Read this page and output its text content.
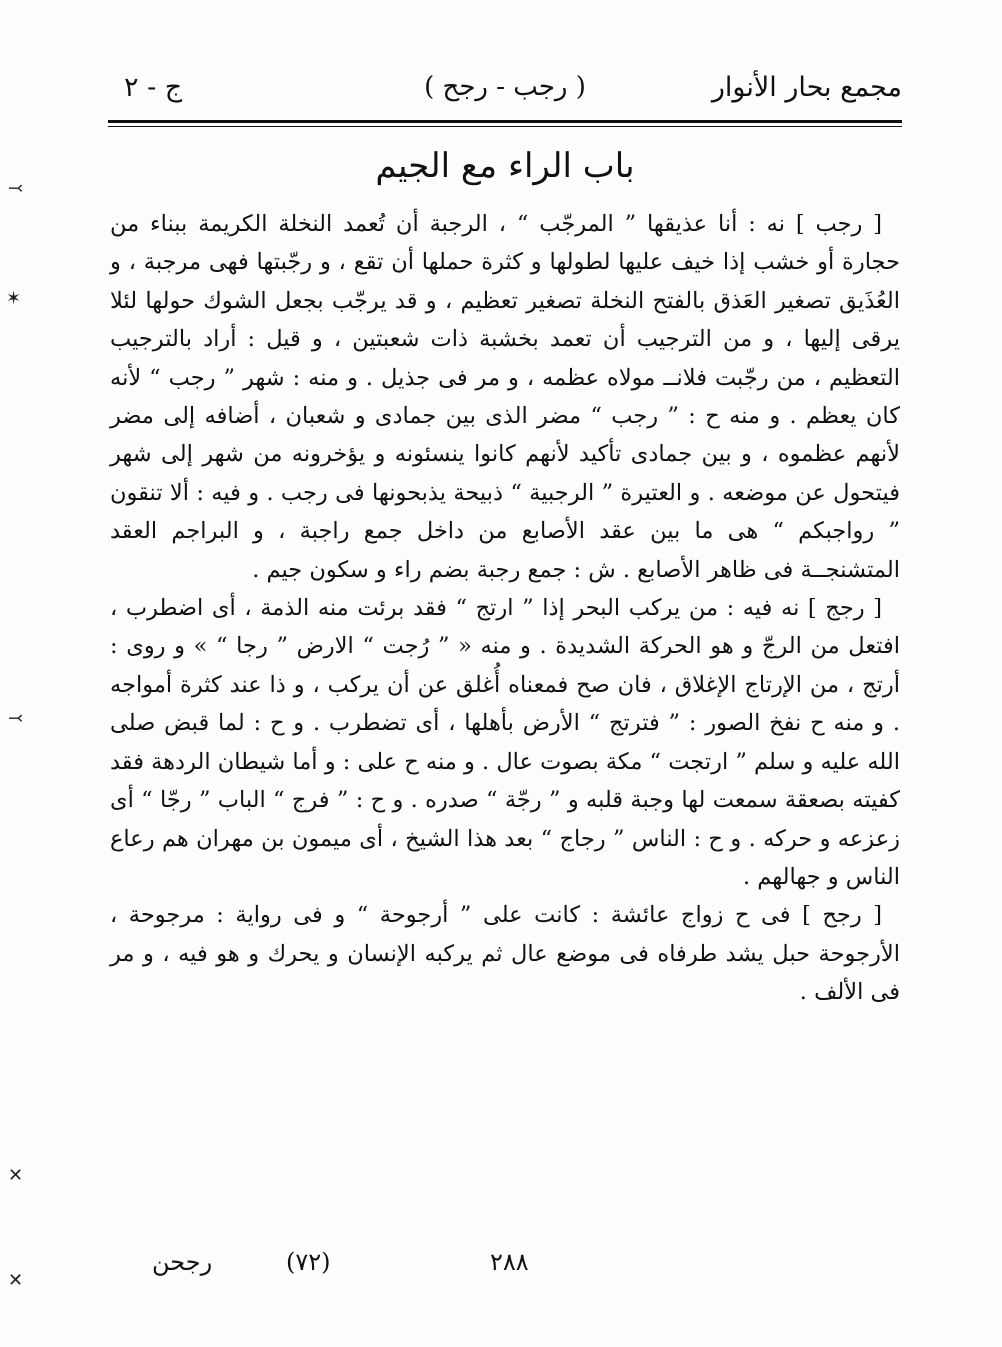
مجمع بحار الأنوار
( رجب - رجح )
ج - ٢
باب الراء مع الجيم

[ رجب ] نه : أنا عذيقها ” المرجّب “ ، الرجبة أن تُعمد النخلة الكريمة ببناء من حجارة أو خشب إذا خيف عليها لطولها و كثرة حملها أن تقع ، و رجّبتها فهى مرجبة ، و العُذَيق تصغير العَذق بالفتح النخلة تصغير تعظيم ، و قد يرجّب بجعل الشوك حولها لئلا يرقى إليها ، و من الترجيب أن تعمد بخشبة ذات شعبتين ، و قيل : أراد بالترجيب التعظيم ، من رجّبت فلانــ مولاه عظمه ، و مر فى جذيل . و منه : شهر ” رجب “ لأنه كان يعظم . و منه ح : ” رجب “ مضر الذى بين جمادى و شعبان ، أضافه إلى مضر لأنهم عظموه ، و بين جمادى تأكيد لأنهم كانوا ينسئونه و يؤخرونه من شهر إلى شهر فيتحول عن موضعه . و العتيرة ” الرجبية “ ذبيحة يذبحونها فى رجب . و فيه : ألا تنقون ” رواجبكم “ هى ما بين عقد الأصابع من داخل جمع راجبة ، و البراجم العقد المتشنجــة فى ظاهر الأصابع . ش : جمع رجبة بضم راء و سكون جيم .

[ رجج ] نه فيه : من يركب البحر إذا ” ارتج “ فقد برئت منه الذمة ، أى اضطرب ، افتعل من الرجّ و هو الحركة الشديدة . و منه « ” رُجت “ الارض ” رجا “ » و روى : أرتج ، من الإرتاج الإغلاق ، فان صح فمعناه أُغلق عن أن يركب ، و ذا عند كثرة أمواجه . و منه ح نفخ الصور : ” فترتج “ الأرض بأهلها ، أى تضطرب . و ح : لما قبض صلى الله عليه و سلم ” ارتجت “ مكة بصوت عال . و منه ح على : و أما شيطان الردهة فقد كفيته بصعقة سمعت لها وجبة قلبه و ” رجّة “ صدره . و ح : ” فرج “ الباب ” رجّا “ أى زعزعه و حركه . و ح : الناس ” رجاج “ بعد هذا الشيخ ، أى ميمون بن مهران هم رعاع الناس و جهالهم .

[ رجح ] فى ح زواج عائشة : كانت على ” أرجوحة “ و فى رواية : مرجوحة ، الأرجوحة حبل يشد طرفاه فى موضع عال ثم يركبه الإنسان و يحرك و هو فيه ، و مر فى الألف .

٢٨٨
(٧٢)
رجحن
⤙
✶
⤙
✕
✕
